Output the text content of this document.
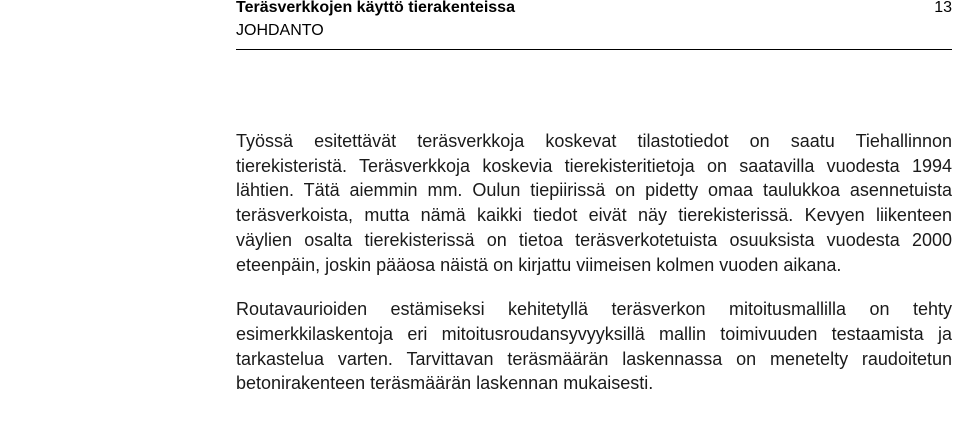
Teräsverkkojen käyttö tierakenteissa	13
JOHDANTO

Työssä esitettävät teräsverkkoja koskevat tilastotiedot on saatu Tiehallinnon tierekisteristä. Teräsverkkoja koskevia tierekisteritietoja on saatavilla vuodesta 1994 lähtien. Tätä aiemmin mm. Oulun tiepiirissä on pidetty omaa taulukkoa asennetuista teräsverkoista, mutta nämä kaikki tiedot eivät näy tierekisterissä. Kevyen liikenteen väylien osalta tierekisterissä on tietoa teräsverkotetuista osuuksista vuodesta 2000 eteenpäin, joskin pääosa näistä on kirjattu viimeisen kolmen vuoden aikana.

Routavaurioiden estämiseksi kehitetyllä teräsverkon mitoitusmallilla on tehty esimerkkilaskentoja eri mitoitusroudansyvyyksillä mallin toimivuuden testaamista ja tarkastelua varten. Tarvittavan teräsmäärän laskennassa on menetelty raudoitetun betonirakenteen teräsmäärän laskennan mukaisesti.
